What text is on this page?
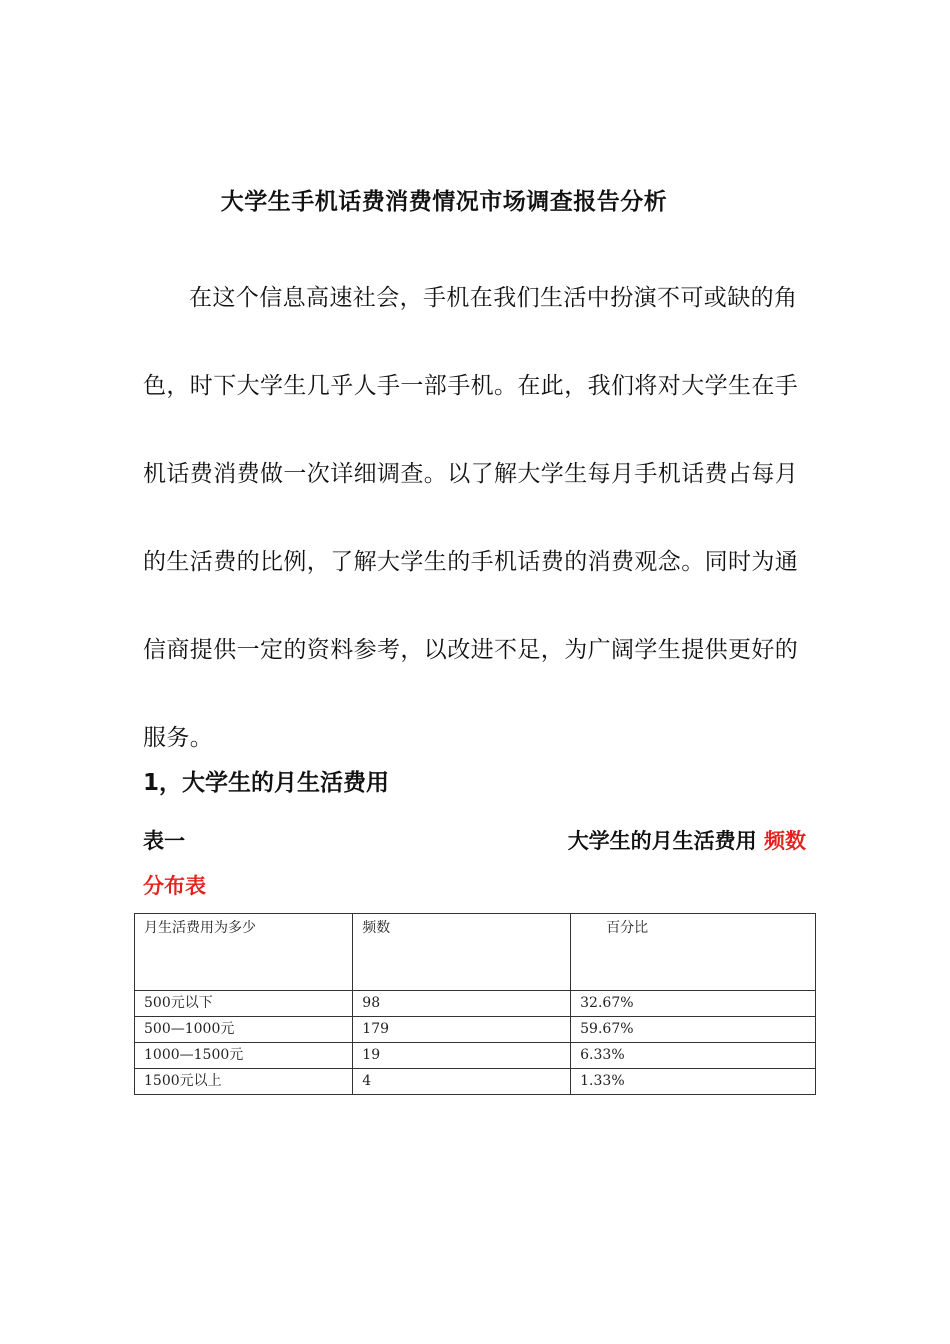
大学生手机话费消费情况市场调查报告分析
在这个信息高速社会，手机在我们生活中扮演不可或缺的角
色，时下大学生几乎人手一部手机。在此，我们将对大学生在手
机话费消费做一次详细调查。以了解大学生每月手机话费占每月
的生活费的比例，了解大学生的手机话费的消费观念。同时为通
信商提供一定的资料参考，以改进不足，为广阔学生提供更好的
服务。
1，大学生的月生活费用
表一	大学生的月生活费用 频数
分布表
月生活费用为多少	频数	百分比
500元以下	98	32.67%
500—1000元	179	59.67%
1000—1500元	19	6.33%
1500元以上	4	1.33%
